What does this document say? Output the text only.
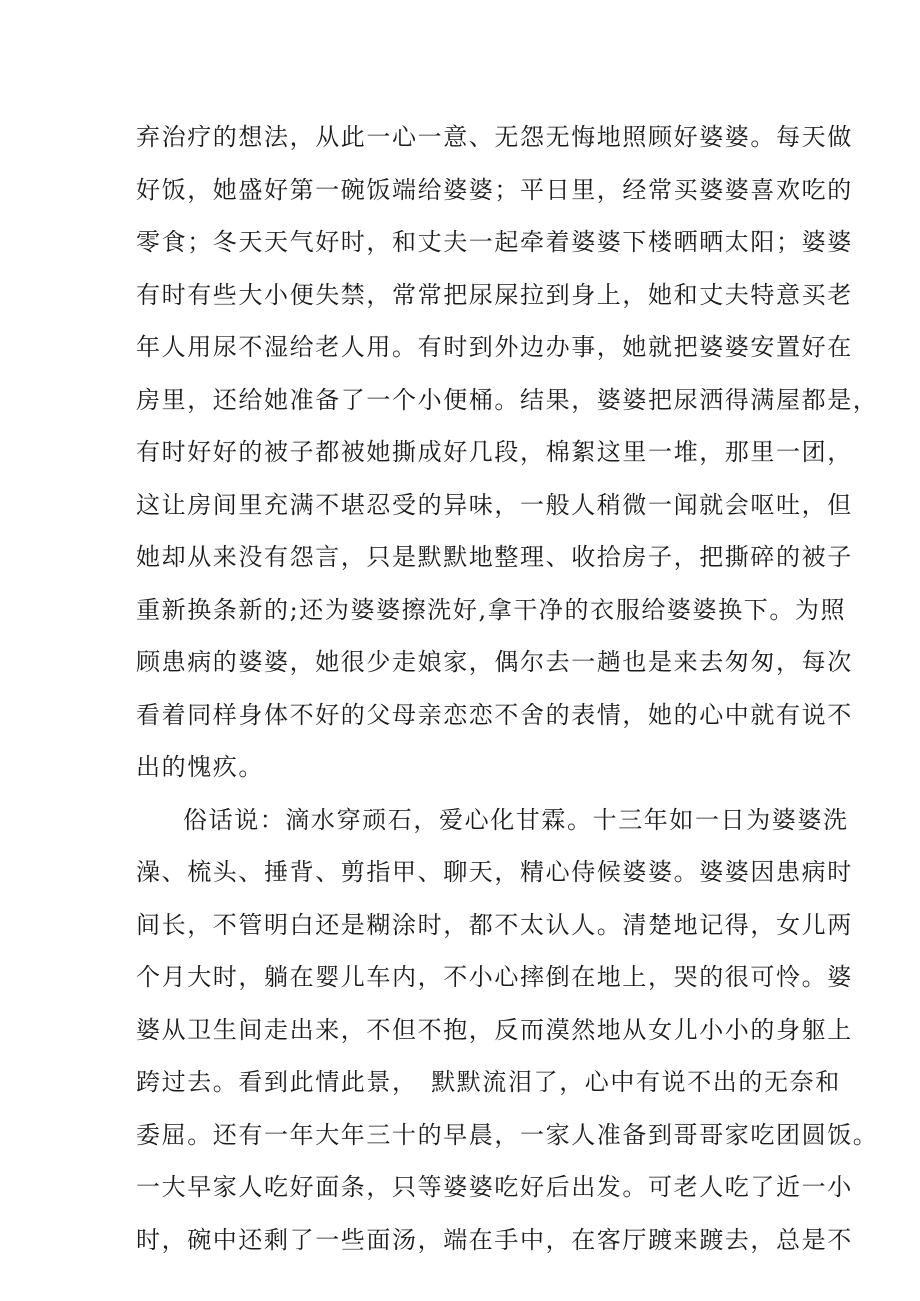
弃治疗的想法，从此一心一意、无怨无悔地照顾好婆婆。每天做

好饭，她盛好第一碗饭端给婆婆；平日里，经常买婆婆喜欢吃的

零食；冬天天气好时，和丈夫一起牵着婆婆下楼晒晒太阳；婆婆

有时有些大小便失禁，常常把尿屎拉到身上，她和丈夫特意买老

年人用尿不湿给老人用。有时到外边办事，她就把婆婆安置好在

房里，还给她准备了一个小便桶。结果，婆婆把尿洒得满屋都是，

有时好好的被子都被她撕成好几段，棉絮这里一堆，那里一团，

这让房间里充满不堪忍受的异味，一般人稍微一闻就会呕吐，但

她却从来没有怨言，只是默默地整理、收拾房子，把撕碎的被子

重新换条新的;还为婆婆擦洗好,拿干净的衣服给婆婆换下。为照

顾患病的婆婆，她很少走娘家，偶尔去一趟也是来去匆匆，每次

看着同样身体不好的父母亲恋恋不舍的表情，她的心中就有说不

出的愧疚。

俗话说：滴水穿顽石，爱心化甘霖。十三年如一日为婆婆洗

澡、梳头、捶背、剪指甲、聊天，精心侍候婆婆。婆婆因患病时

间长，不管明白还是糊涂时，都不太认人。清楚地记得，女儿两

个月大时，躺在婴儿车内，不小心摔倒在地上，哭的很可怜。婆

婆从卫生间走出来，不但不抱，反而漠然地从女儿小小的身躯上

跨过去。看到此情此景，　默默流泪了，心中有说不出的无奈和

委屈。还有一年大年三十的早晨，一家人准备到哥哥家吃团圆饭。

一大早家人吃好面条，只等婆婆吃好后出发。可老人吃了近一小

时，碗中还剩了一些面汤，端在手中，在客厅踱来踱去，总是不
